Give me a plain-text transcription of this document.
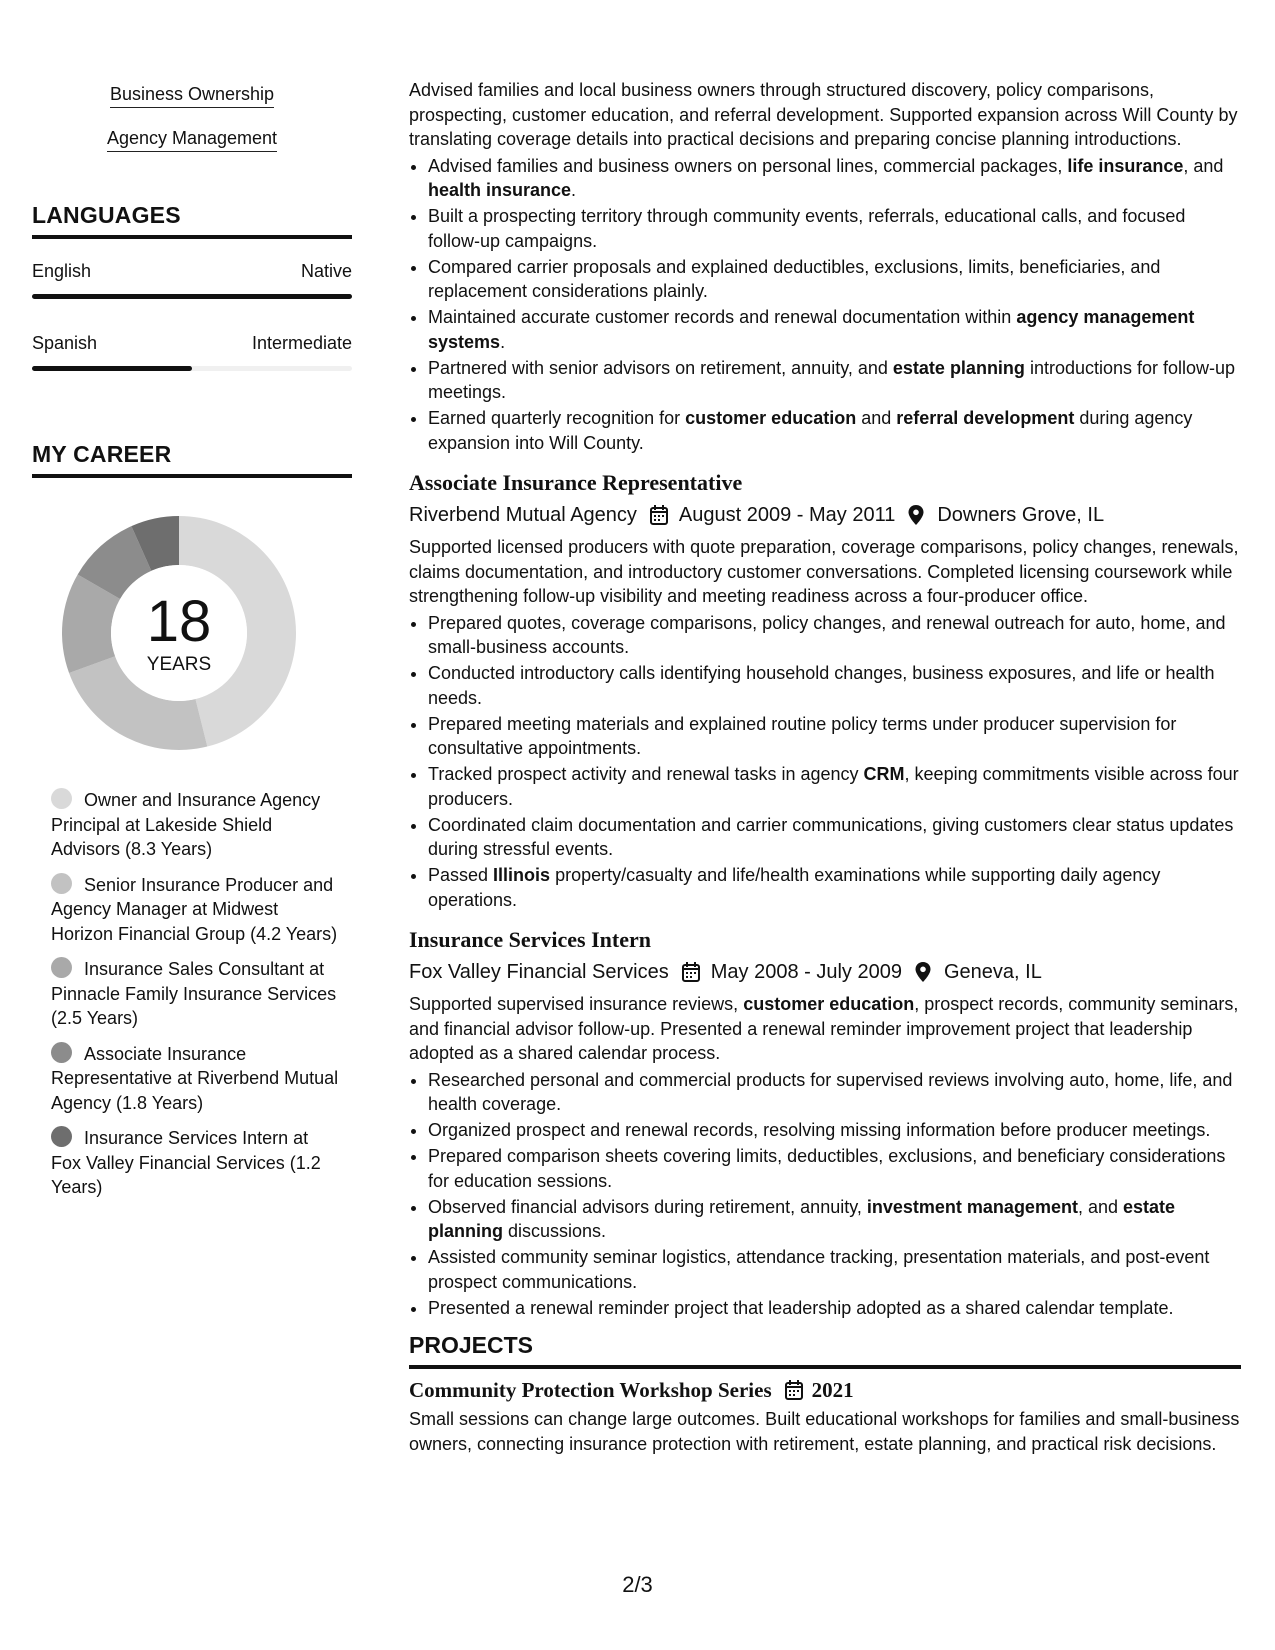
Business Ownership
Agency Management
LANGUAGES
English	Native
Spanish	Intermediate
MY CAREER
18
YEARS
Owner and Insurance Agency Principal at Lakeside Shield Advisors (8.3 Years)
Senior Insurance Producer and Agency Manager at Midwest Horizon Financial Group (4.2 Years)
Insurance Sales Consultant at Pinnacle Family Insurance Services (2.5 Years)
Associate Insurance Representative at Riverbend Mutual Agency (1.8 Years)
Insurance Services Intern at Fox Valley Financial Services (1.2 Years)

Advised families and local business owners through structured discovery, policy comparisons, prospecting, customer education, and referral development. Supported expansion across Will County by translating coverage details into practical decisions and preparing concise planning introductions.

• Advised families and business owners on personal lines, commercial packages, life insurance, and health insurance.
• Built a prospecting territory through community events, referrals, educational calls, and focused follow-up campaigns.
• Compared carrier proposals and explained deductibles, exclusions, limits, beneficiaries, and replacement considerations plainly.
• Maintained accurate customer records and renewal documentation within agency management systems.
• Partnered with senior advisors on retirement, annuity, and estate planning introductions for follow-up meetings.
• Earned quarterly recognition for customer education and referral development during agency expansion into Will County.
Associate Insurance Representative
Riverbend Mutual Agency August 2009 - May 2011 Downers Grove, IL

Supported licensed producers with quote preparation, coverage comparisons, policy changes, renewals, claims documentation, and introductory customer conversations. Completed licensing coursework while strengthening follow-up visibility and meeting readiness across a four-producer office.

• Prepared quotes, coverage comparisons, policy changes, and renewal outreach for auto, home, and small-business accounts.
• Conducted introductory calls identifying household changes, business exposures, and life or health needs.
• Prepared meeting materials and explained routine policy terms under producer supervision for consultative appointments.
• Tracked prospect activity and renewal tasks in agency CRM, keeping commitments visible across four producers.
• Coordinated claim documentation and carrier communications, giving customers clear status updates during stressful events.
• Passed Illinois property/casualty and life/health examinations while supporting daily agency operations.
Insurance Services Intern
Fox Valley Financial Services May 2008 - July 2009 Geneva, IL

Supported supervised insurance reviews, customer education, prospect records, community seminars, and financial advisor follow-up. Presented a renewal reminder improvement project that leadership adopted as a shared calendar process.

• Researched personal and commercial products for supervised reviews involving auto, home, life, and health coverage.
• Organized prospect and renewal records, resolving missing information before producer meetings.
• Prepared comparison sheets covering limits, deductibles, exclusions, and beneficiary considerations for education sessions.
• Observed financial advisors during retirement, annuity, investment management, and estate planning discussions.
• Assisted community seminar logistics, attendance tracking, presentation materials, and post-event prospect communications.
• Presented a renewal reminder project that leadership adopted as a shared calendar template.
PROJECTS
Community Protection Workshop Series 2021

Small sessions can change large outcomes. Built educational workshops for families and small-business owners, connecting insurance protection with retirement, estate planning, and practical risk decisions.

2/3
